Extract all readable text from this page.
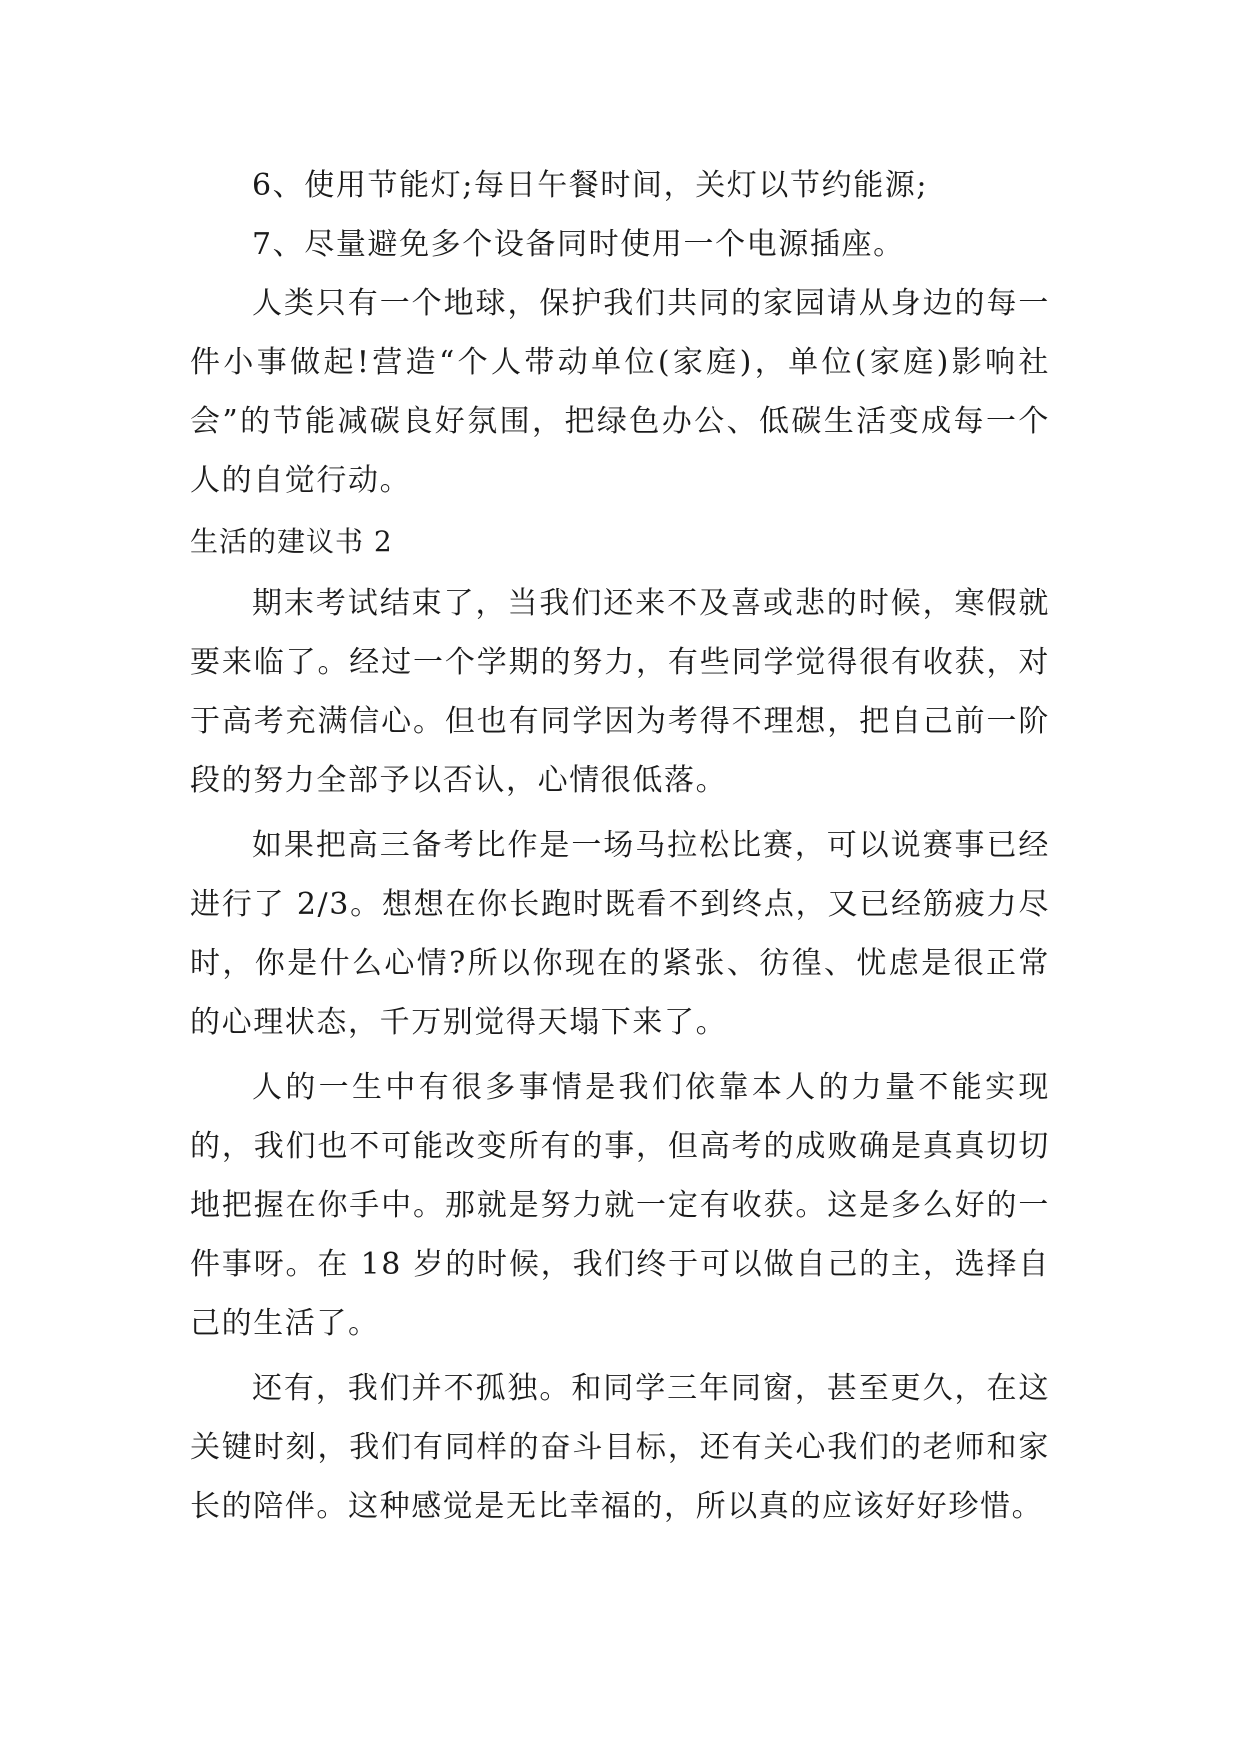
6、使用节能灯;每日午餐时间，关灯以节约能源;

7、尽量避免多个设备同时使用一个电源插座。

人类只有一个地球，保护我们共同的家园请从身边的每一件小事做起!营造“个人带动单位(家庭)，单位(家庭)影响社会”的节能减碳良好氛围，把绿色办公、低碳生活变成每一个人的自觉行动。

生活的建议书 2

期末考试结束了，当我们还来不及喜或悲的时候，寒假就要来临了。经过一个学期的努力，有些同学觉得很有收获，对于高考充满信心。但也有同学因为考得不理想，把自己前一阶段的努力全部予以否认，心情很低落。

如果把高三备考比作是一场马拉松比赛，可以说赛事已经进行了 2/3。想想在你长跑时既看不到终点，又已经筋疲力尽时，你是什么心情?所以你现在的紧张、彷徨、忧虑是很正常的心理状态，千万别觉得天塌下来了。

人的一生中有很多事情是我们依靠本人的力量不能实现的，我们也不可能改变所有的事，但高考的成败确是真真切切地把握在你手中。那就是努力就一定有收获。这是多么好的一件事呀。在 18 岁的时候，我们终于可以做自己的主，选择自己的生活了。

还有，我们并不孤独。和同学三年同窗，甚至更久，在这关键时刻，我们有同样的奋斗目标，还有关心我们的老师和家长的陪伴。这种感觉是无比幸福的，所以真的应该好好珍惜。
